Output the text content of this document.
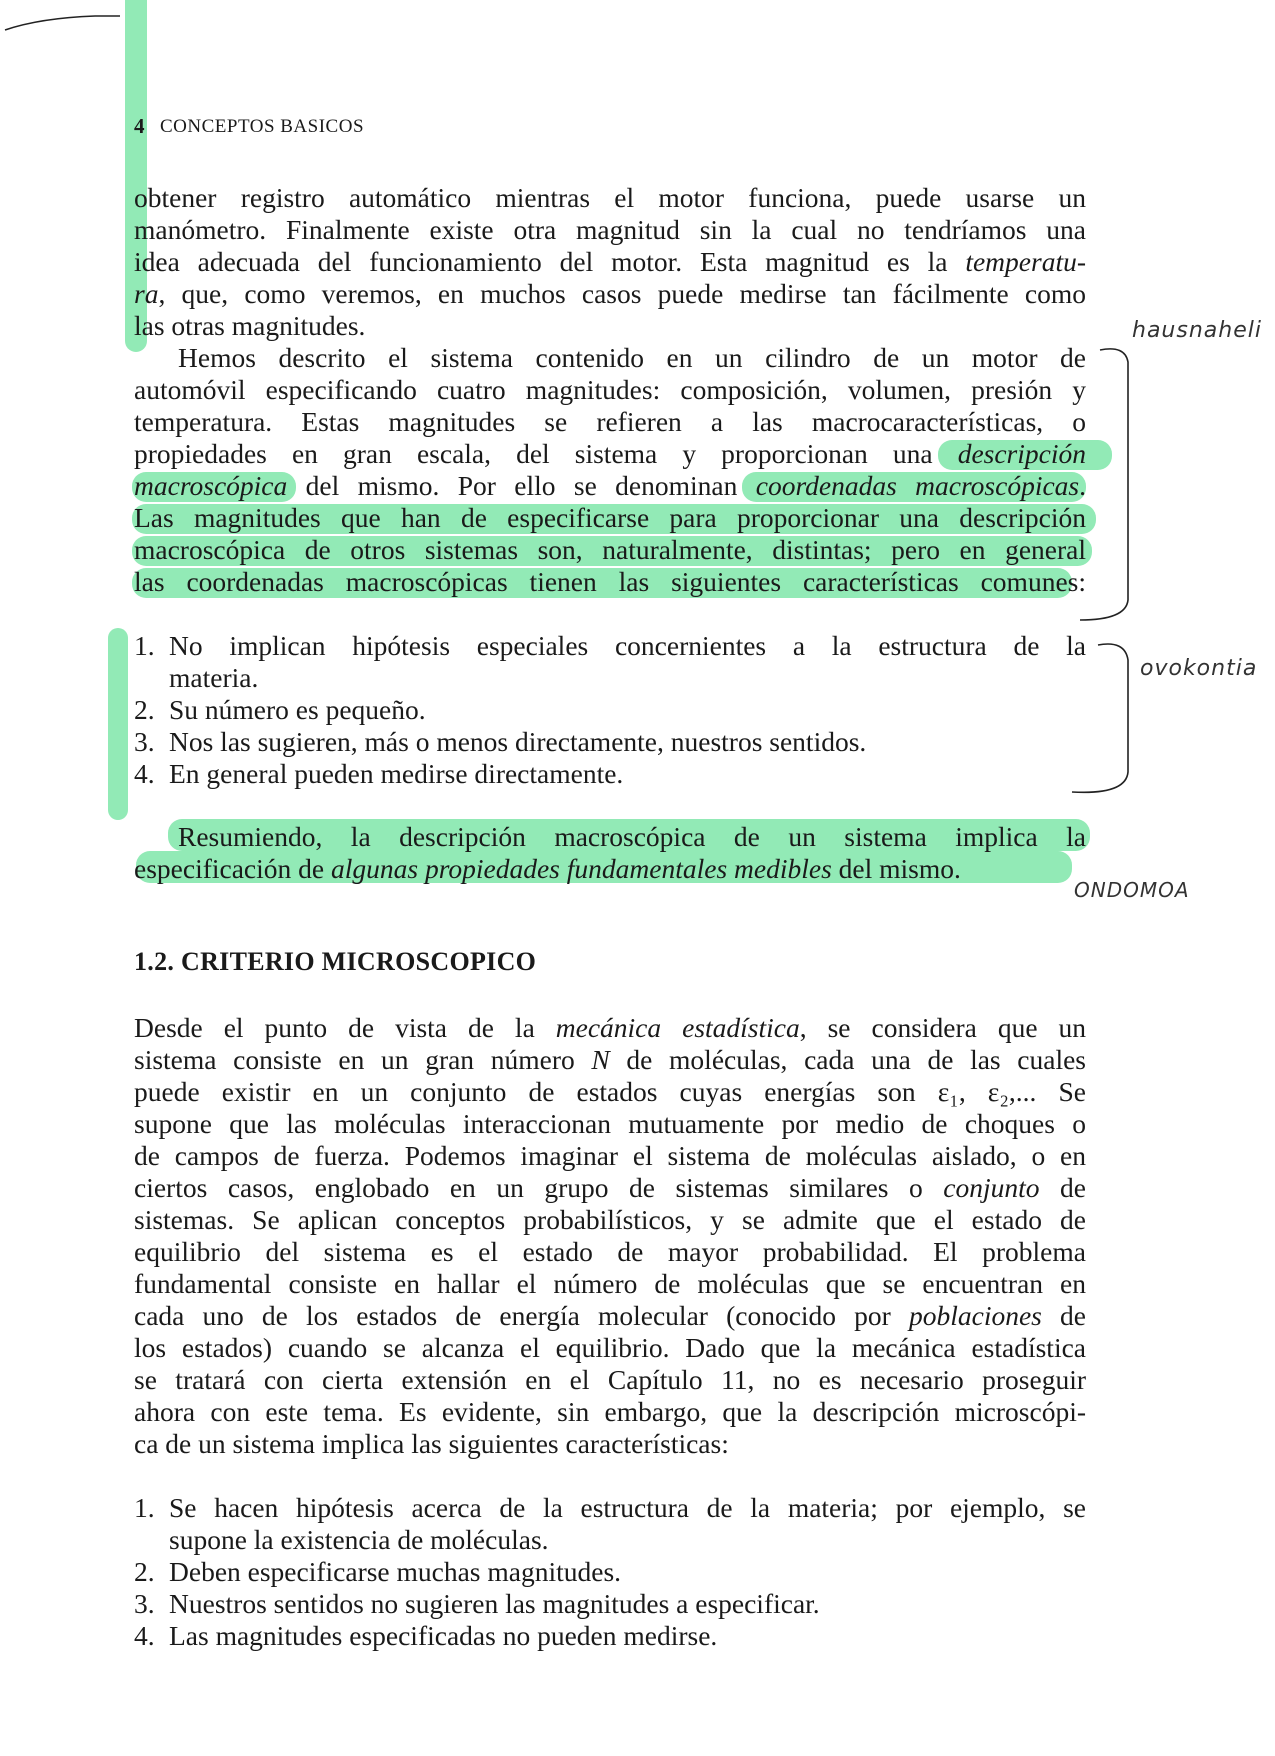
4 CONCEPTOS BASICOS
obtener registro automático mientras el motor funciona, puede usarse un
manómetro. Finalmente existe otra magnitud sin la cual no tendríamos una
idea adecuada del funcionamiento del motor. Esta magnitud es la temperatu-
ra, que, como veremos, en muchos casos puede medirse tan fácilmente como
las otras magnitudes.
Hemos descrito el sistema contenido en un cilindro de un motor de
automóvil especificando cuatro magnitudes: composición, volumen, presión y
temperatura. Estas magnitudes se refieren a las macrocaracterísticas, o
propiedades en gran escala, del sistema y proporcionan una descripción
macroscópica del mismo. Por ello se denominan coordenadas macroscópicas.
Las magnitudes que han de especificarse para proporcionar una descripción
macroscópica de otros sistemas son, naturalmente, distintas; pero en general
las coordenadas macroscópicas tienen las siguientes características comunes:
1. No implican hipótesis especiales concernientes a la estructura de la
materia.
2. Su número es pequeño.
3. Nos las sugieren, más o menos directamente, nuestros sentidos.
4. En general pueden medirse directamente.
Resumiendo, la descripción macroscópica de un sistema implica la
especificación de algunas propiedades fundamentales medibles del mismo.
1.2. CRITERIO MICROSCOPICO
Desde el punto de vista de la mecánica estadística, se considera que un
sistema consiste en un gran número N de moléculas, cada una de las cuales
puede existir en un conjunto de estados cuyas energías son ε₁, ε₂,... Se
supone que las moléculas interaccionan mutuamente por medio de choques o
de campos de fuerza. Podemos imaginar el sistema de moléculas aislado, o en
ciertos casos, englobado en un grupo de sistemas similares o conjunto de
sistemas. Se aplican conceptos probabilísticos, y se admite que el estado de
equilibrio del sistema es el estado de mayor probabilidad. El problema
fundamental consiste en hallar el número de moléculas que se encuentran en
cada uno de los estados de energía molecular (conocido por poblaciones de
los estados) cuando se alcanza el equilibrio. Dado que la mecánica estadística
se tratará con cierta extensión en el Capítulo 11, no es necesario proseguir
ahora con este tema. Es evidente, sin embargo, que la descripción microscópi-
ca de un sistema implica las siguientes características:
1. Se hacen hipótesis acerca de la estructura de la materia; por ejemplo, se
supone la existencia de moléculas.
2. Deben especificarse muchas magnitudes.
3. Nuestros sentidos no sugieren las magnitudes a especificar.
4. Las magnitudes especificadas no pueden medirse.
hausnaheli
ovokontia
ONDOMOA
